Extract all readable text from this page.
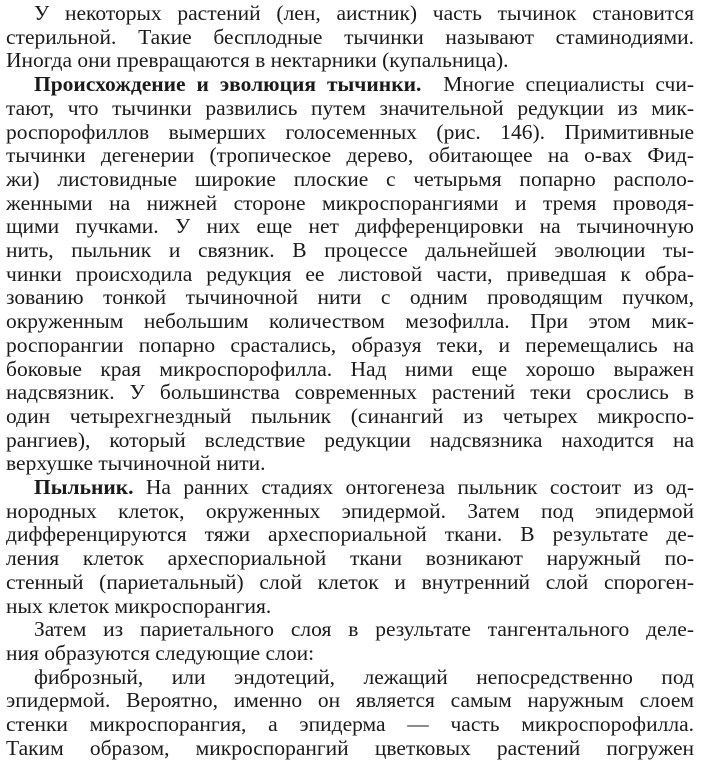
У некоторых растений (лен, аистник) часть тычинок становится
стерильной. Такие бесплодные тычинки называют стаминодиями.
Иногда они превращаются в нектарники (купальница).
Происхождение и эволюция тычинки. Многие специалисты счи-
тают, что тычинки развились путем значительной редукции из мик-
роспорофиллов вымерших голосеменных (рис. 146). Примитивные
тычинки дегенерии (тропическое дерево, обитающее на о-вах Фид-
жи) листовидные широкие плоские с четырьмя попарно располо-
женными на нижней стороне микроспорангиями и тремя проводя-
щими пучками. У них еще нет дифференцировки на тычиночную
нить, пыльник и связник. В процессе дальнейшей эволюции ты-
чинки происходила редукция ее листовой части, приведшая к обра-
зованию тонкой тычиночной нити с одним проводящим пучком,
окруженным небольшим количеством мезофилла. При этом мик-
роспорангии попарно срастались, образуя теки, и перемещались на
боковые края микроспорофилла. Над ними еще хорошо выражен
надсвязник. У большинства современных растений теки срослись в
один четырехгнездный пыльник (синангий из четырех микроспо-
рангиев), который вследствие редукции надсвязника находится на
верхушке тычиночной нити.
Пыльник. На ранних стадиях онтогенеза пыльник состоит из од-
нородных клеток, окруженных эпидермой. Затем под эпидермой
дифференцируются тяжи археспориальной ткани. В результате де-
ления клеток археспориальной ткани возникают наружный по-
стенный (париетальный) слой клеток и внутренний слой спороген-
ных клеток микроспорангия.
Затем из париетального слоя в результате тангентального деле-
ния образуются следующие слои:
фиброзный, или эндотеций, лежащий непосредственно под
эпидермой. Вероятно, именно он является самым наружным слоем
стенки микроспорангия, а эпидерма — часть микроспорофилла.
Таким образом, микроспорангий цветковых растений погружен
